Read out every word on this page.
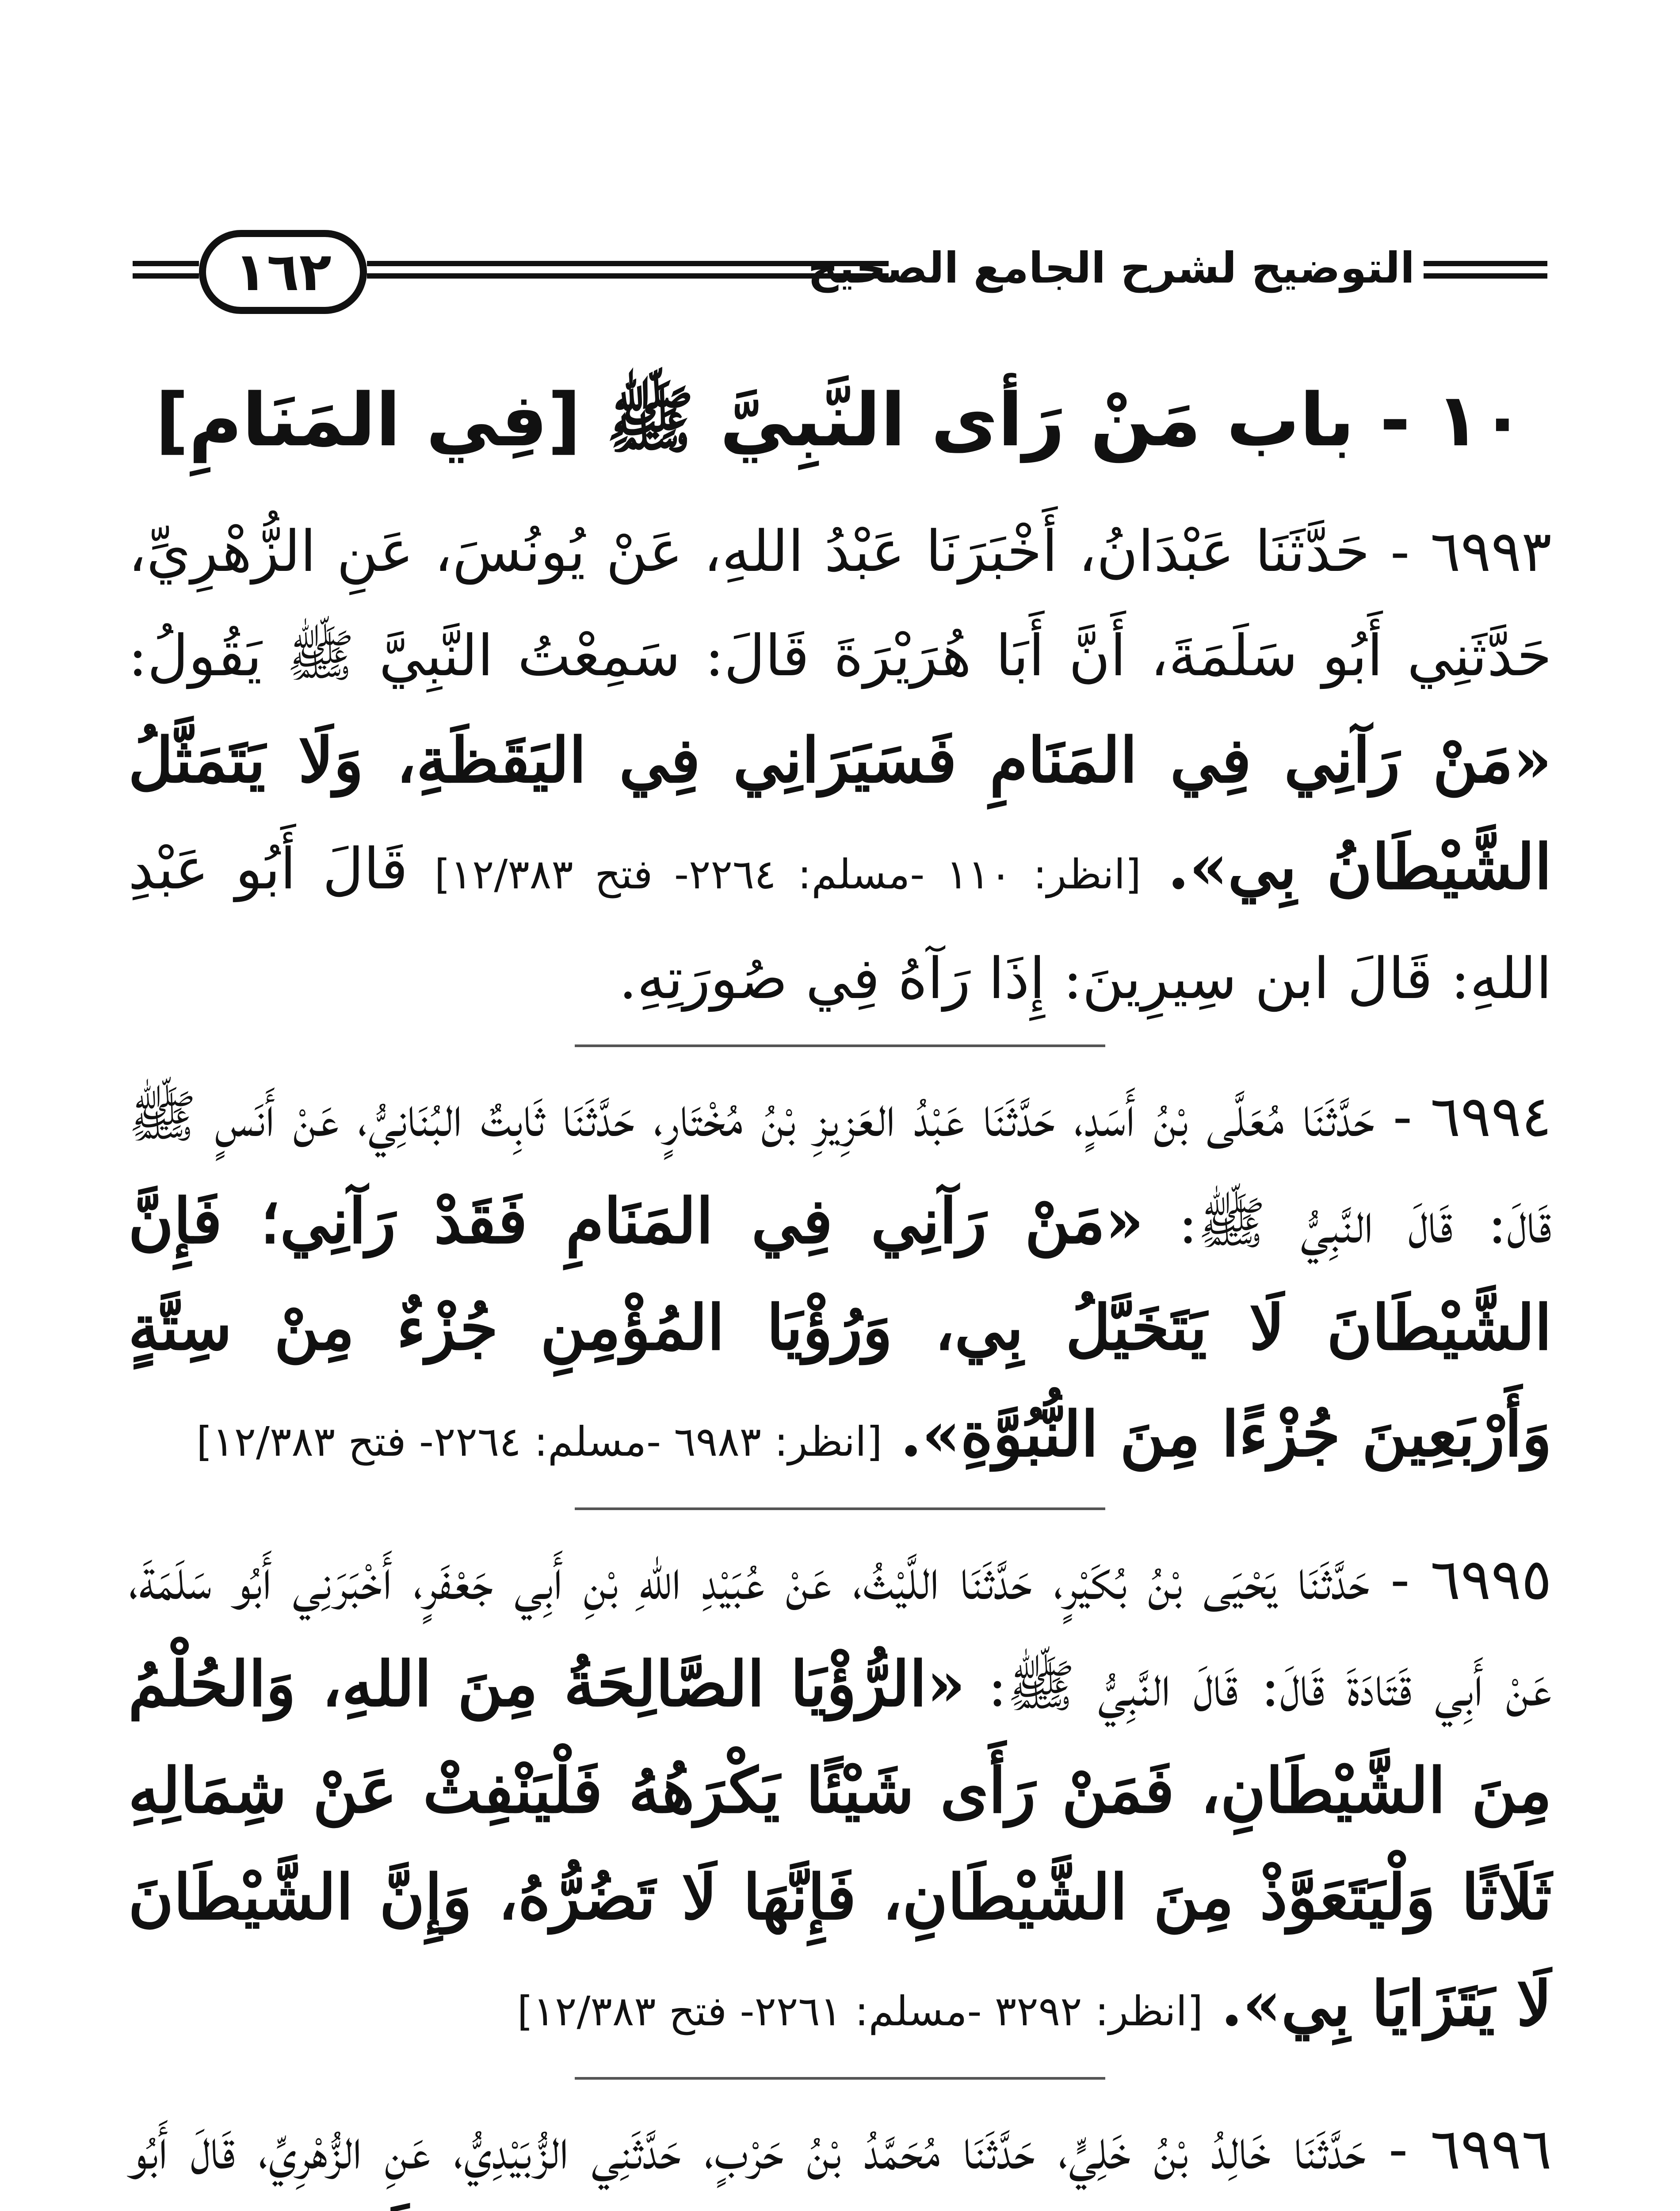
١٦٢	التوضيح لشرح الجامع الصحيح
١٠ - باب مَنْ رَأى النَّبِيَّ ﷺ [فِي المَنَامِ]

٦٩٩٣ - حَدَّثَنَا عَبْدَانُ، أَخْبَرَنَا عَبْدُ اللهِ، عَنْ يُونُسَ، عَنِ الزُّهْرِيِّ، حَدَّثَنِي أَبُو سَلَمَةَ، أَنَّ أَبَا هُرَيْرَةَ قَالَ: سَمِعْتُ النَّبِيَّ ﷺ يَقُولُ: «مَنْ رَآنِي فِي المَنَامِ فَسَيَرَانِي فِي اليَقَظَةِ، وَلَا يَتَمَثَّلُ الشَّيْطَانُ بِي». [انظر: ١١٠ -مسلم: ٢٢٦٤- فتح ١٢/٣٨٣] قَالَ أَبُو عَبْدِ اللهِ: قَالَ ابن سِيرِينَ: إِذَا رَآهُ فِي صُورَتِهِ.

٦٩٩٤ - حَدَّثَنَا مُعَلَّى بْنُ أَسَدٍ، حَدَّثَنَا عَبْدُ العَزِيزِ بْنُ مُخْتَارٍ، حَدَّثَنَا ثَابِتٌ البُنَانِيُّ، عَنْ أَنَسٍ ﷺ قَالَ: قَالَ النَّبِيُّ ﷺ: «مَنْ رَآنِي فِي المَنَامِ فَقَدْ رَآنِي؛ فَإِنَّ الشَّيْطَانَ لَا يَتَخَيَّلُ بِي، وَرُؤْيَا المُؤْمِنِ جُزْءٌ مِنْ سِتَّةٍ وَأَرْبَعِينَ جُزْءًا مِنَ النُّبُوَّةِ». [انظر: ٦٩٨٣ -مسلم: ٢٢٦٤- فتح ١٢/٣٨٣]

٦٩٩٥ - حَدَّثَنَا يَحْيَى بْنُ بُكَيْرٍ، حَدَّثَنَا اللَّيْثُ، عَنْ عُبَيْدِ اللهِ بْنِ أَبِي جَعْفَرٍ، أَخْبَرَنِي أَبُو سَلَمَةَ، عَنْ أَبِي قَتَادَةَ قَالَ: قَالَ النَّبِيُّ ﷺ: «الرُّؤْيَا الصَّالِحَةُ مِنَ اللهِ، وَالحُلْمُ مِنَ الشَّيْطَانِ، فَمَنْ رَأَى شَيْئًا يَكْرَهُهُ فَلْيَنْفِثْ عَنْ شِمَالِهِ ثَلَاثًا وَلْيَتَعَوَّذْ مِنَ الشَّيْطَانِ، فَإِنَّهَا لَا تَضُرُّهُ، وَإِنَّ الشَّيْطَانَ لَا يَتَزَايَا بِي». [انظر: ٣٢٩٢ -مسلم: ٢٢٦١- فتح ١٢/٣٨٣]

٦٩٩٦ - حَدَّثَنَا خَالِدُ بْنُ خَلِيٍّ، حَدَّثَنَا مُحَمَّدُ بْنُ حَرْبٍ، حَدَّثَنِي الزُّبَيْدِيُّ، عَنِ الزُّهْرِيِّ، قَالَ أَبُو
